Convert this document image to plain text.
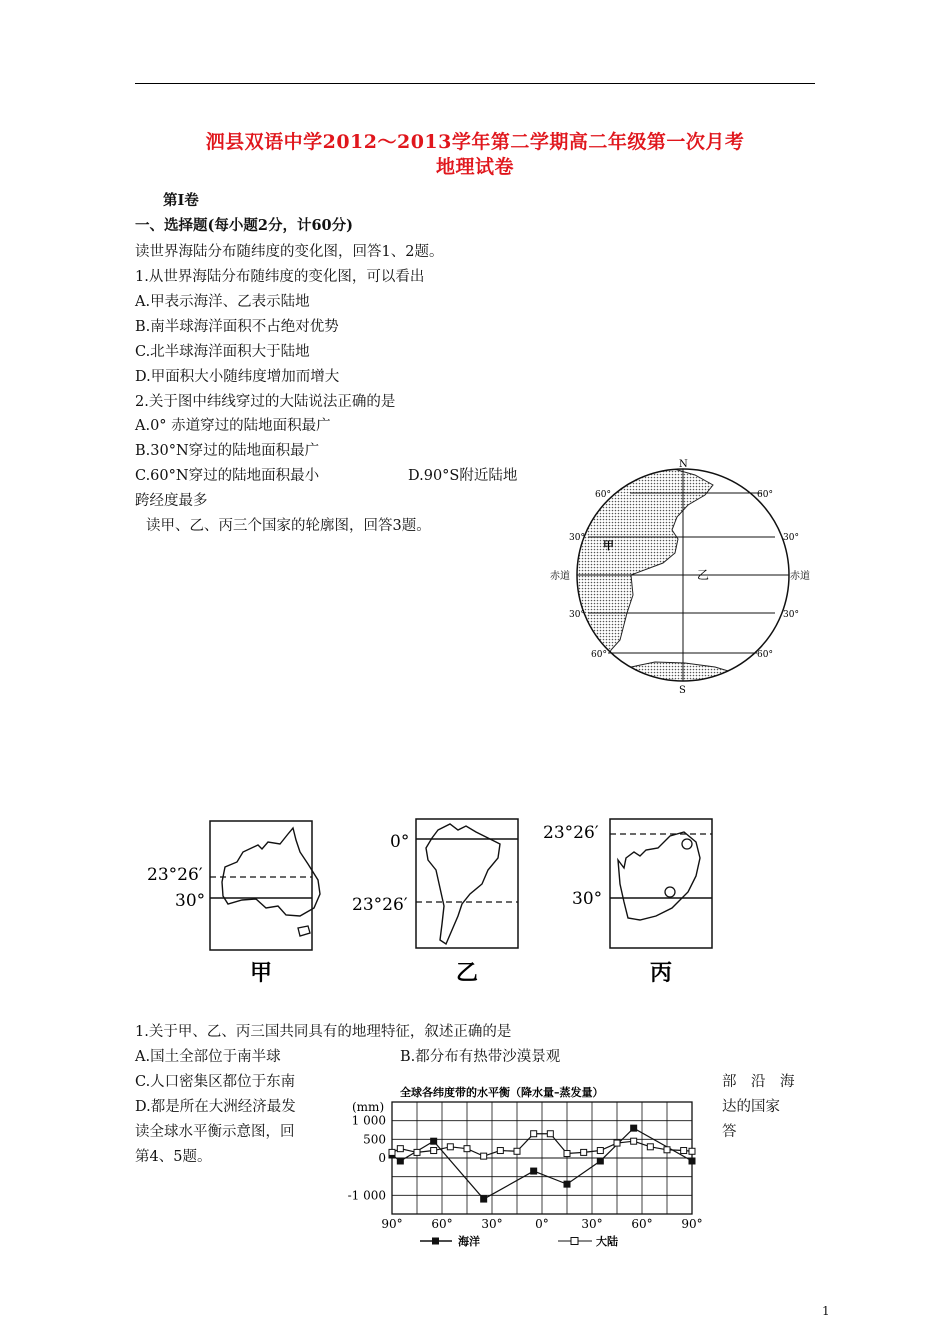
泗县双语中学2012～2013学年第二学期高二年级第一次月考
地理试卷
第Ⅰ卷
一、选择题(每小题2分，计60分)
读世界海陆分布随纬度的变化图，回答1、2题。
1.从世界海陆分布随纬度的变化图，可以看出
A.甲表示海洋、乙表示陆地
B.南半球海洋面积不占绝对优势
C.北半球海洋面积大于陆地
D.甲面积大小随纬度增加而增大
2.关于图中纬线穿过的大陆说法正确的是
A.0° 赤道穿过的陆地面积最广
B.30°N穿过的陆地面积最广
C.60°N穿过的陆地面积最小	D.90°S附近陆地
跨经度最多
读甲、乙、丙三个国家的轮廓图，回答3题。
N
S
60°	60°
30°	30°
赤道	赤道
30°	30°
60°	60°
甲
乙
23°26′
30°
甲
0°
23°26′
乙
23°26′
30°
丙
1.关于甲、乙、丙三国共同具有的地理特征，叙述正确的是
A.国土全部位于南半球	B.都分布有热带沙漠景观
C.人口密集区都位于东南	部　沿　海
D.都是所在大洲经济最发	达的国家
读全球水平衡示意图，回	答
第4、5题。
全球各纬度带的水平衡（降水量–蒸发量）
(mm)
1 000
500
0
-1 000
90° 60° 30°	0°	30° 60° 90°
海洋	大陆
1
